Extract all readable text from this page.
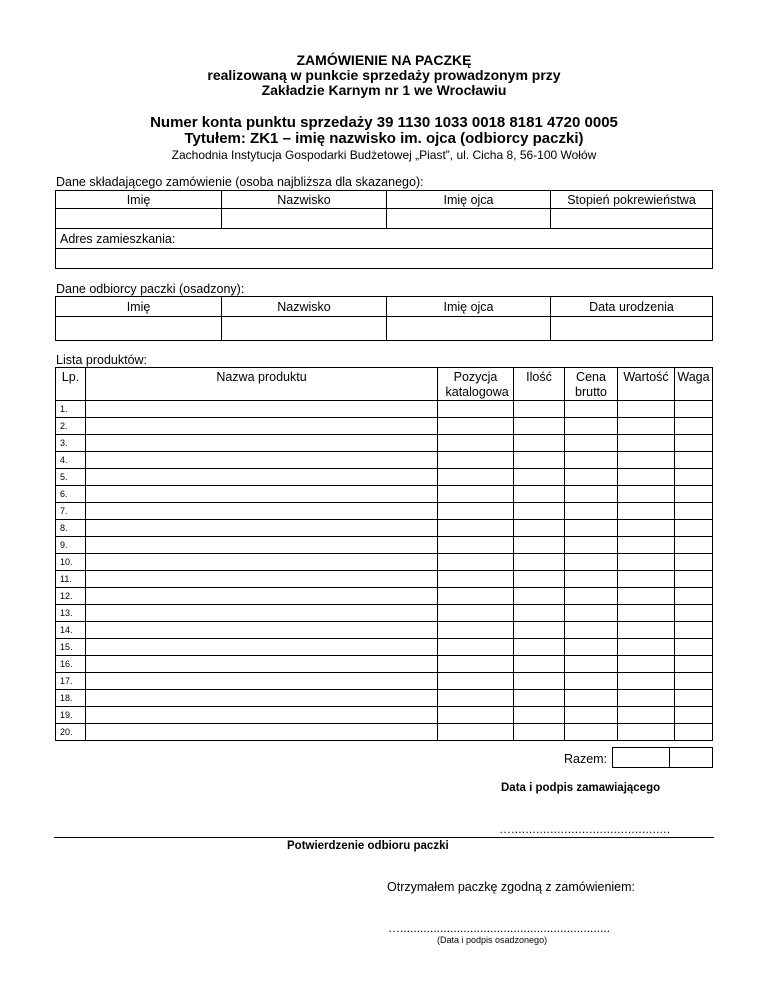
ZAMÓWIENIE NA PACZKĘ
realizowaną w punkcie sprzedaży prowadzonym przy
Zakładzie Karnym nr 1 we Wrocławiu
Numer konta punktu sprzedaży 39 1130 1033 0018 8181 4720 0005
Tytułem: ZK1 – imię nazwisko im. ojca (odbiorcy paczki)
Zachodnia Instytucja Gospodarki Budżetowej „Piast”, ul. Cicha 8, 56-100 Wołów
Dane składającego zamówienie (osoba najbliższa dla skazanego):
Imię	Nazwisko	Imię ojca	Stopień pokrewieństwa

Adres zamieszkania:			

Dane odbiorcy paczki (osadzony):
Imię	Nazwisko	Imię ojca	Data urodzenia

Lista produktów:
Lp.	Nazwa produktu	Pozycja katalogowa	Ilość	Cena brutto	Wartość	Waga
1.						
2.						
3.						
4.						
5.						
6.						
7.						
8.						
9.						
10.						
11.						
12.						
13.						
14.						
15.						
16.						
17.						
18.						
19.						
20.						
Razem:

Data i podpis zamawiającego
….............................................
Potwierdzenie odbioru paczki
Otrzymałem paczkę zgodną z zamówieniem:
…...............................................................
(Data i podpis osadzonego)
